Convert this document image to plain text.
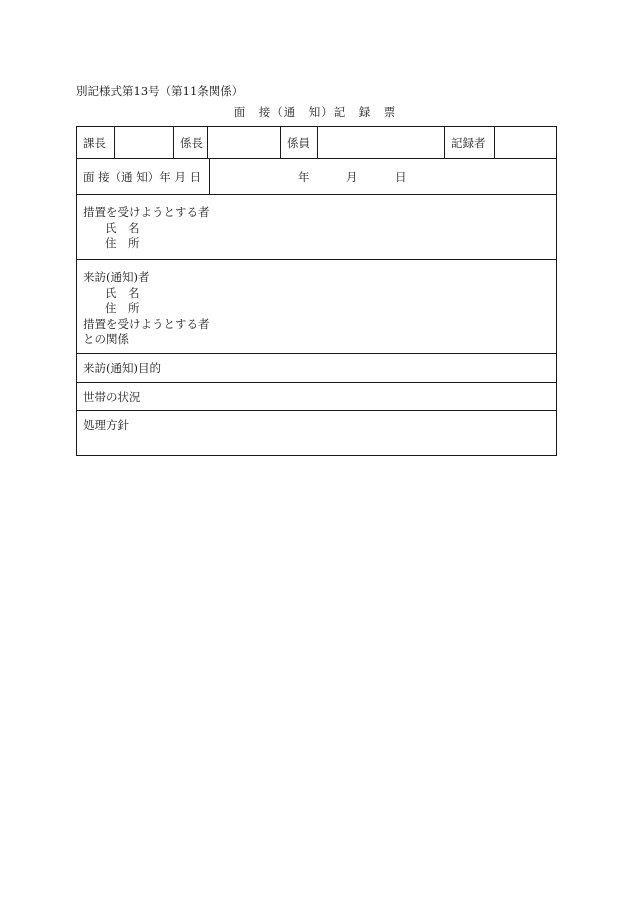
別記様式第13号（第11条関係）
面　接（通　知）記　録　票
課長	係長	係員	記録者
面 接（通 知）年 月 日	年	月	日
措置を受けようとする者
氏　名
住　所
来訪(通知)者
氏　名
住　所
措置を受けようとする者
との関係
来訪(通知)目的
世帯の状況
処理方針
